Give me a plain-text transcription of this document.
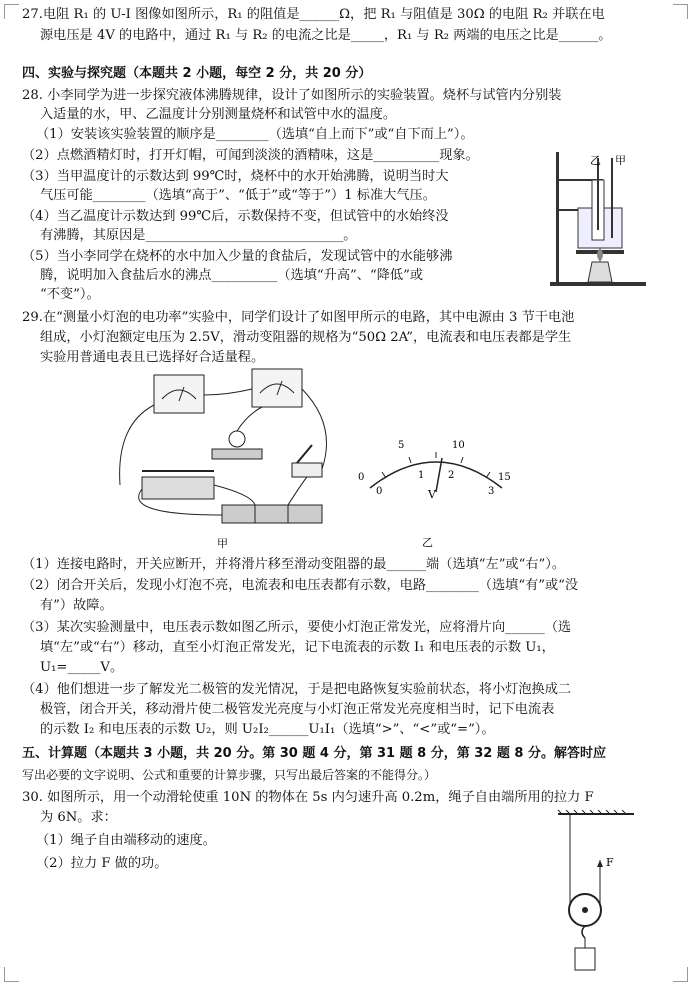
27.电阻 R₁ 的 U-I 图像如图所示，R₁ 的阻值是______Ω，把 R₁ 与阻值是 30Ω 的电阻 R₂ 并联在电
源电压是 4V 的电路中，通过 R₁ 与 R₂ 的电流之比是_____，R₁ 与 R₂ 两端的电压之比是______。
四、实验与探究题（本题共 2 小题，每空 2 分，共 20 分）
28. 小李同学为进一步探究液体沸腾规律，设计了如图所示的实验装置。烧杯与试管内分别装
入适量的水，甲、乙温度计分别测量烧杯和试管中水的温度。
（1）安装该实验装置的顺序是________（选填“自上而下”或“自下而上”）。
（2）点燃酒精灯时，打开灯帽，可闻到淡淡的酒精味，这是__________现象。
（3）当甲温度计的示数达到 99℃时，烧杯中的水开始沸腾，说明当时大
气压可能________（选填“高于”、“低于”或“等于”）1 标准大气压。
（4）当乙温度计示数达到 99℃后，示数保持不变，但试管中的水始终没
有沸腾，其原因是______________________________。
（5）当小李同学在烧杯的水中加入少量的食盐后，发现试管中的水能够沸
腾，说明加入食盐后水的沸点__________（选填“升高”、“降低”或
“不变”）。
29.在“测量小灯泡的电功率”实验中，同学们设计了如图甲所示的电路，其中电源由 3 节干电池
组成，小灯泡额定电压为 2.5V，滑动变阻器的规格为“50Ω 2A”，电流表和电压表都是学生
实验用普通电表且已选择好合适量程。
（1）连接电路时，开关应断开，并将滑片移至滑动变阻器的最______端（选填“左”或“右”）。
（2）闭合开关后，发现小灯泡不亮，电流表和电压表都有示数，电路________（选填“有”或“没
有”）故障。
（3）某次实验测量中，电压表示数如图乙所示，要使小灯泡正常发光，应将滑片向______（选
填“左”或“右”）移动，直至小灯泡正常发光，记下电流表的示数 I₁ 和电压表的示数 U₁，
U₁=_____V。
（4）他们想进一步了解发光二极管的发光情况，于是把电路恢复实验前状态，将小灯泡换成二
极管，闭合开关，移动滑片使二极管发光亮度与小灯泡正常发光亮度相当时，记下电流表
的示数 I₂ 和电压表的示数 U₂，则 U₂I₂______U₁I₁（选填“>”、“<”或“=”）。
五、计算题（本题共 3 小题，共 20 分。第 30 题 4 分，第 31 题 8 分，第 32 题 8 分。解答时应
写出必要的文字说明、公式和重要的计算步骤，只写出最后答案的不能得分。）
30. 如图所示，用一个动滑轮使重 10N 的物体在 5s 内匀速升高 0.2m，绳子自由端所用的拉力 F
为 6N。求：
（1）绳子自由端移动的速度。
（2）拉力 F 做的功。
乙 甲
甲
0
5	10
15
0
1 2
3
V
乙
F
